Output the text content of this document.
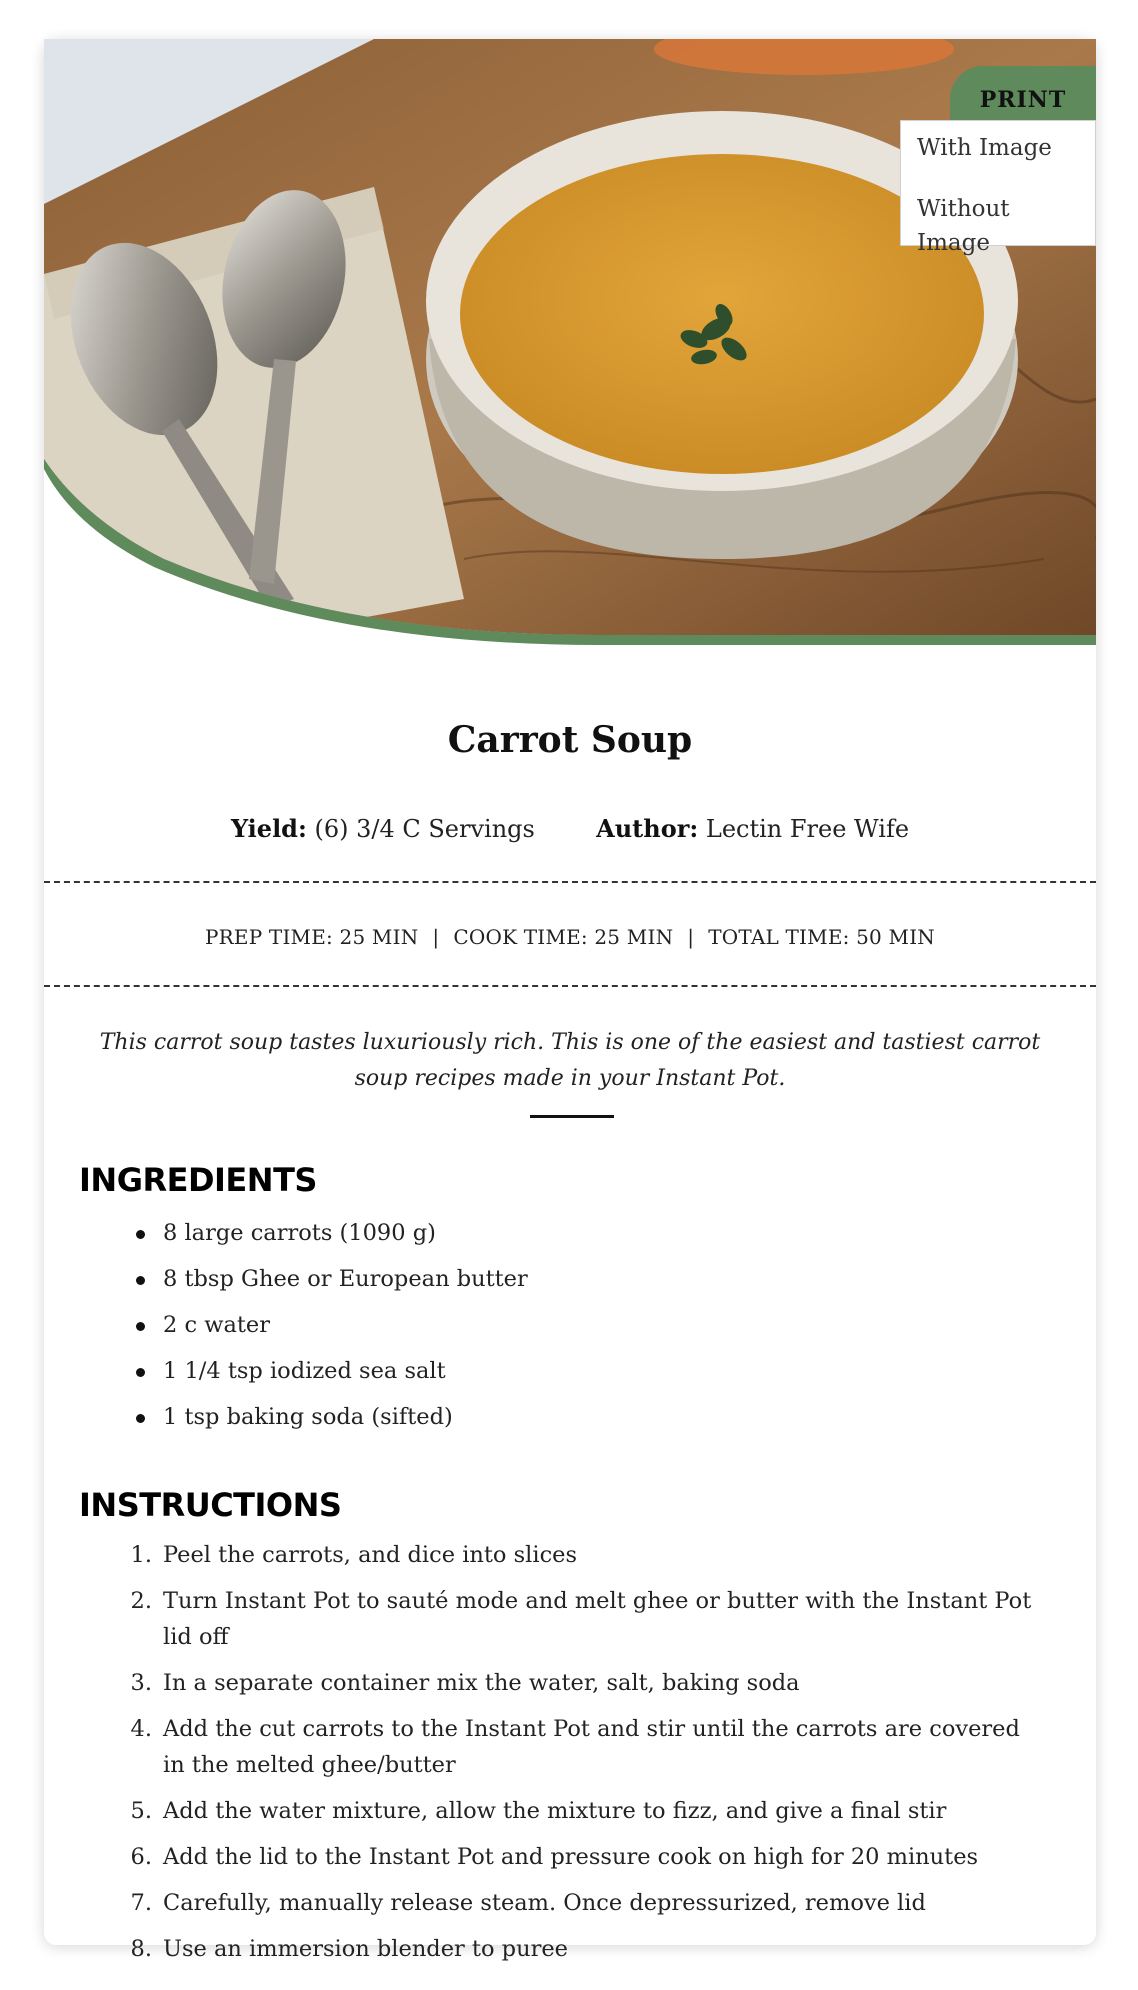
PRINT
With Image
Without Image
Carrot Soup
Yield: (6) 3/4 C Servings	Author: Lectin Free Wife
PREP TIME: 25 MIN | COOK TIME: 25 MIN | TOTAL TIME: 50 MIN
This carrot soup tastes luxuriously rich. This is one of the easiest and tastiest carrot soup recipes made in your Instant Pot.
INGREDIENTS
8 large carrots (1090 g)
8 tbsp Ghee or European butter
2 c water
1 1/4 tsp iodized sea salt
1 tsp baking soda (sifted)
INSTRUCTIONS
1. Peel the carrots, and dice into slices
2. Turn Instant Pot to sauté mode and melt ghee or butter with the Instant Pot lid off
3. In a separate container mix the water, salt, baking soda
4. Add the cut carrots to the Instant Pot and stir until the carrots are covered in the melted ghee/butter
5. Add the water mixture, allow the mixture to fizz, and give a final stir
6. Add the lid to the Instant Pot and pressure cook on high for 20 minutes
7. Carefully, manually release steam. Once depressurized, remove lid
8. Use an immersion blender to puree
